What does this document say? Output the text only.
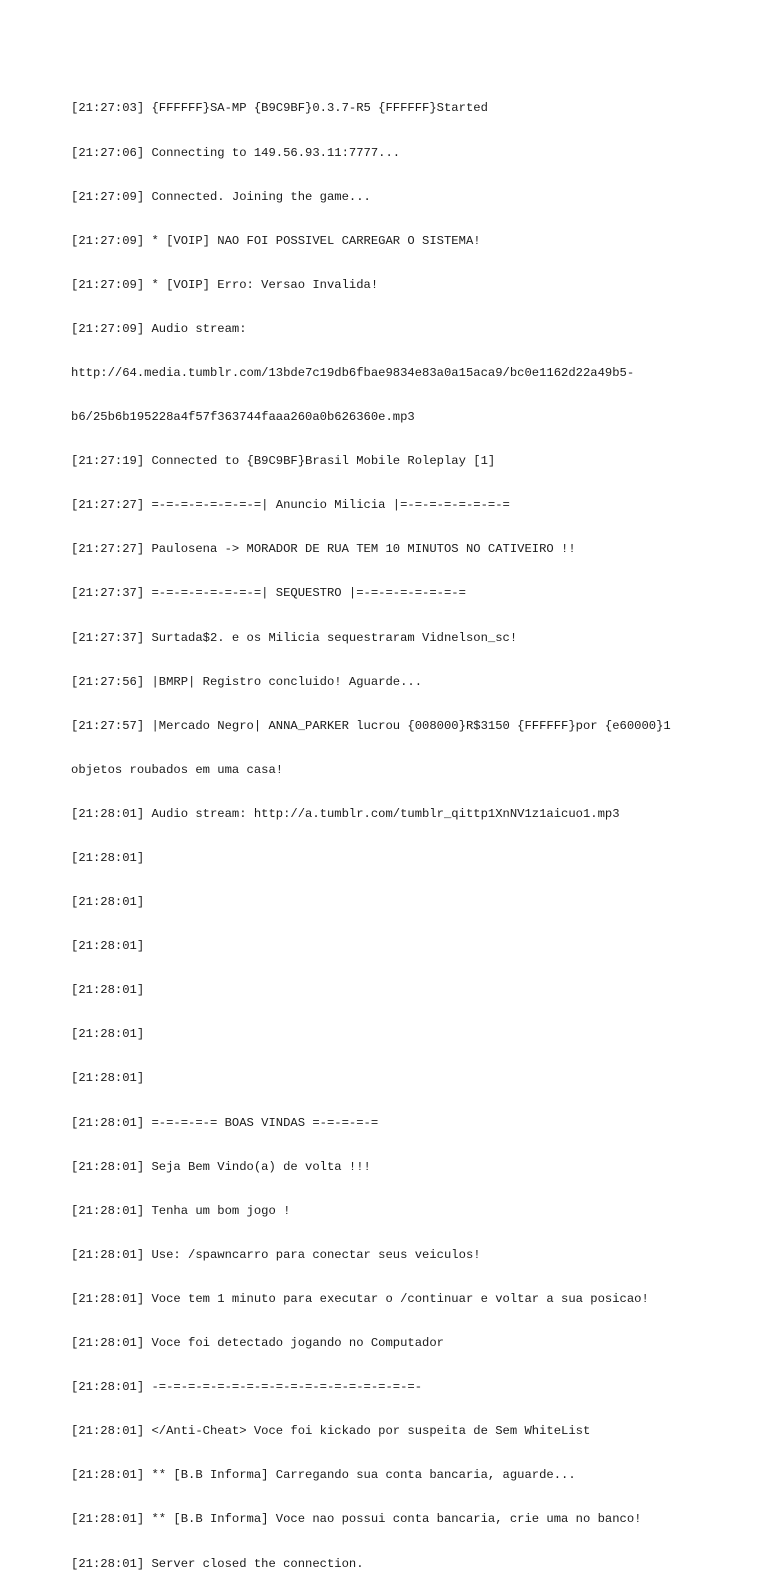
[21:27:03] {FFFFFF}SA-MP {B9C9BF}0.3.7-R5 {FFFFFF}Started

[21:27:06] Connecting to 149.56.93.11:7777...

[21:27:09] Connected. Joining the game...

[21:27:09] * [VOIP] NAO FOI POSSIVEL CARREGAR O SISTEMA!

[21:27:09] * [VOIP] Erro: Versao Invalida!

[21:27:09] Audio stream:

http://64.media.tumblr.com/13bde7c19db6fbae9834e83a0a15aca9/bc0e1162d22a49b5-

b6/25b6b195228a4f57f363744faaa260a0b626360e.mp3

[21:27:19] Connected to {B9C9BF}Brasil Mobile Roleplay [1]

[21:27:27] =-=-=-=-=-=-=-=| Anuncio Milicia |=-=-=-=-=-=-=-=

[21:27:27] Paulosena -> MORADOR DE RUA TEM 10 MINUTOS NO CATIVEIRO !!

[21:27:37] =-=-=-=-=-=-=-=| SEQUESTRO |=-=-=-=-=-=-=-=

[21:27:37] Surtada$2. e os Milicia sequestraram Vidnelson_sc!

[21:27:56] |BMRP| Registro concluido! Aguarde...

[21:27:57] |Mercado Negro| ANNA_PARKER lucrou {008000}R$3150 {FFFFFF}por {e60000}1

objetos roubados em uma casa!

[21:28:01] Audio stream: http://a.tumblr.com/tumblr_qittp1XnNV1z1aicuo1.mp3

[21:28:01]

[21:28:01]

[21:28:01]

[21:28:01]

[21:28:01]

[21:28:01]

[21:28:01] =-=-=-=-= BOAS VINDAS =-=-=-=-=

[21:28:01] Seja Bem Vindo(a) de volta !!!

[21:28:01] Tenha um bom jogo !

[21:28:01] Use: /spawncarro para conectar seus veiculos!

[21:28:01] Voce tem 1 minuto para executar o /continuar e voltar a sua posicao!

[21:28:01] Voce foi detectado jogando no Computador

[21:28:01] -=-=-=-=-=-=-=-=-=-=-=-=-=-=-=-=-=-=-

[21:28:01] </Anti-Cheat> Voce foi kickado por suspeita de Sem WhiteList

[21:28:01] ** [B.B Informa] Carregando sua conta bancaria, aguarde...

[21:28:01] ** [B.B Informa] Voce nao possui conta bancaria, crie uma no banco!

[21:28:01] Server closed the connection.
